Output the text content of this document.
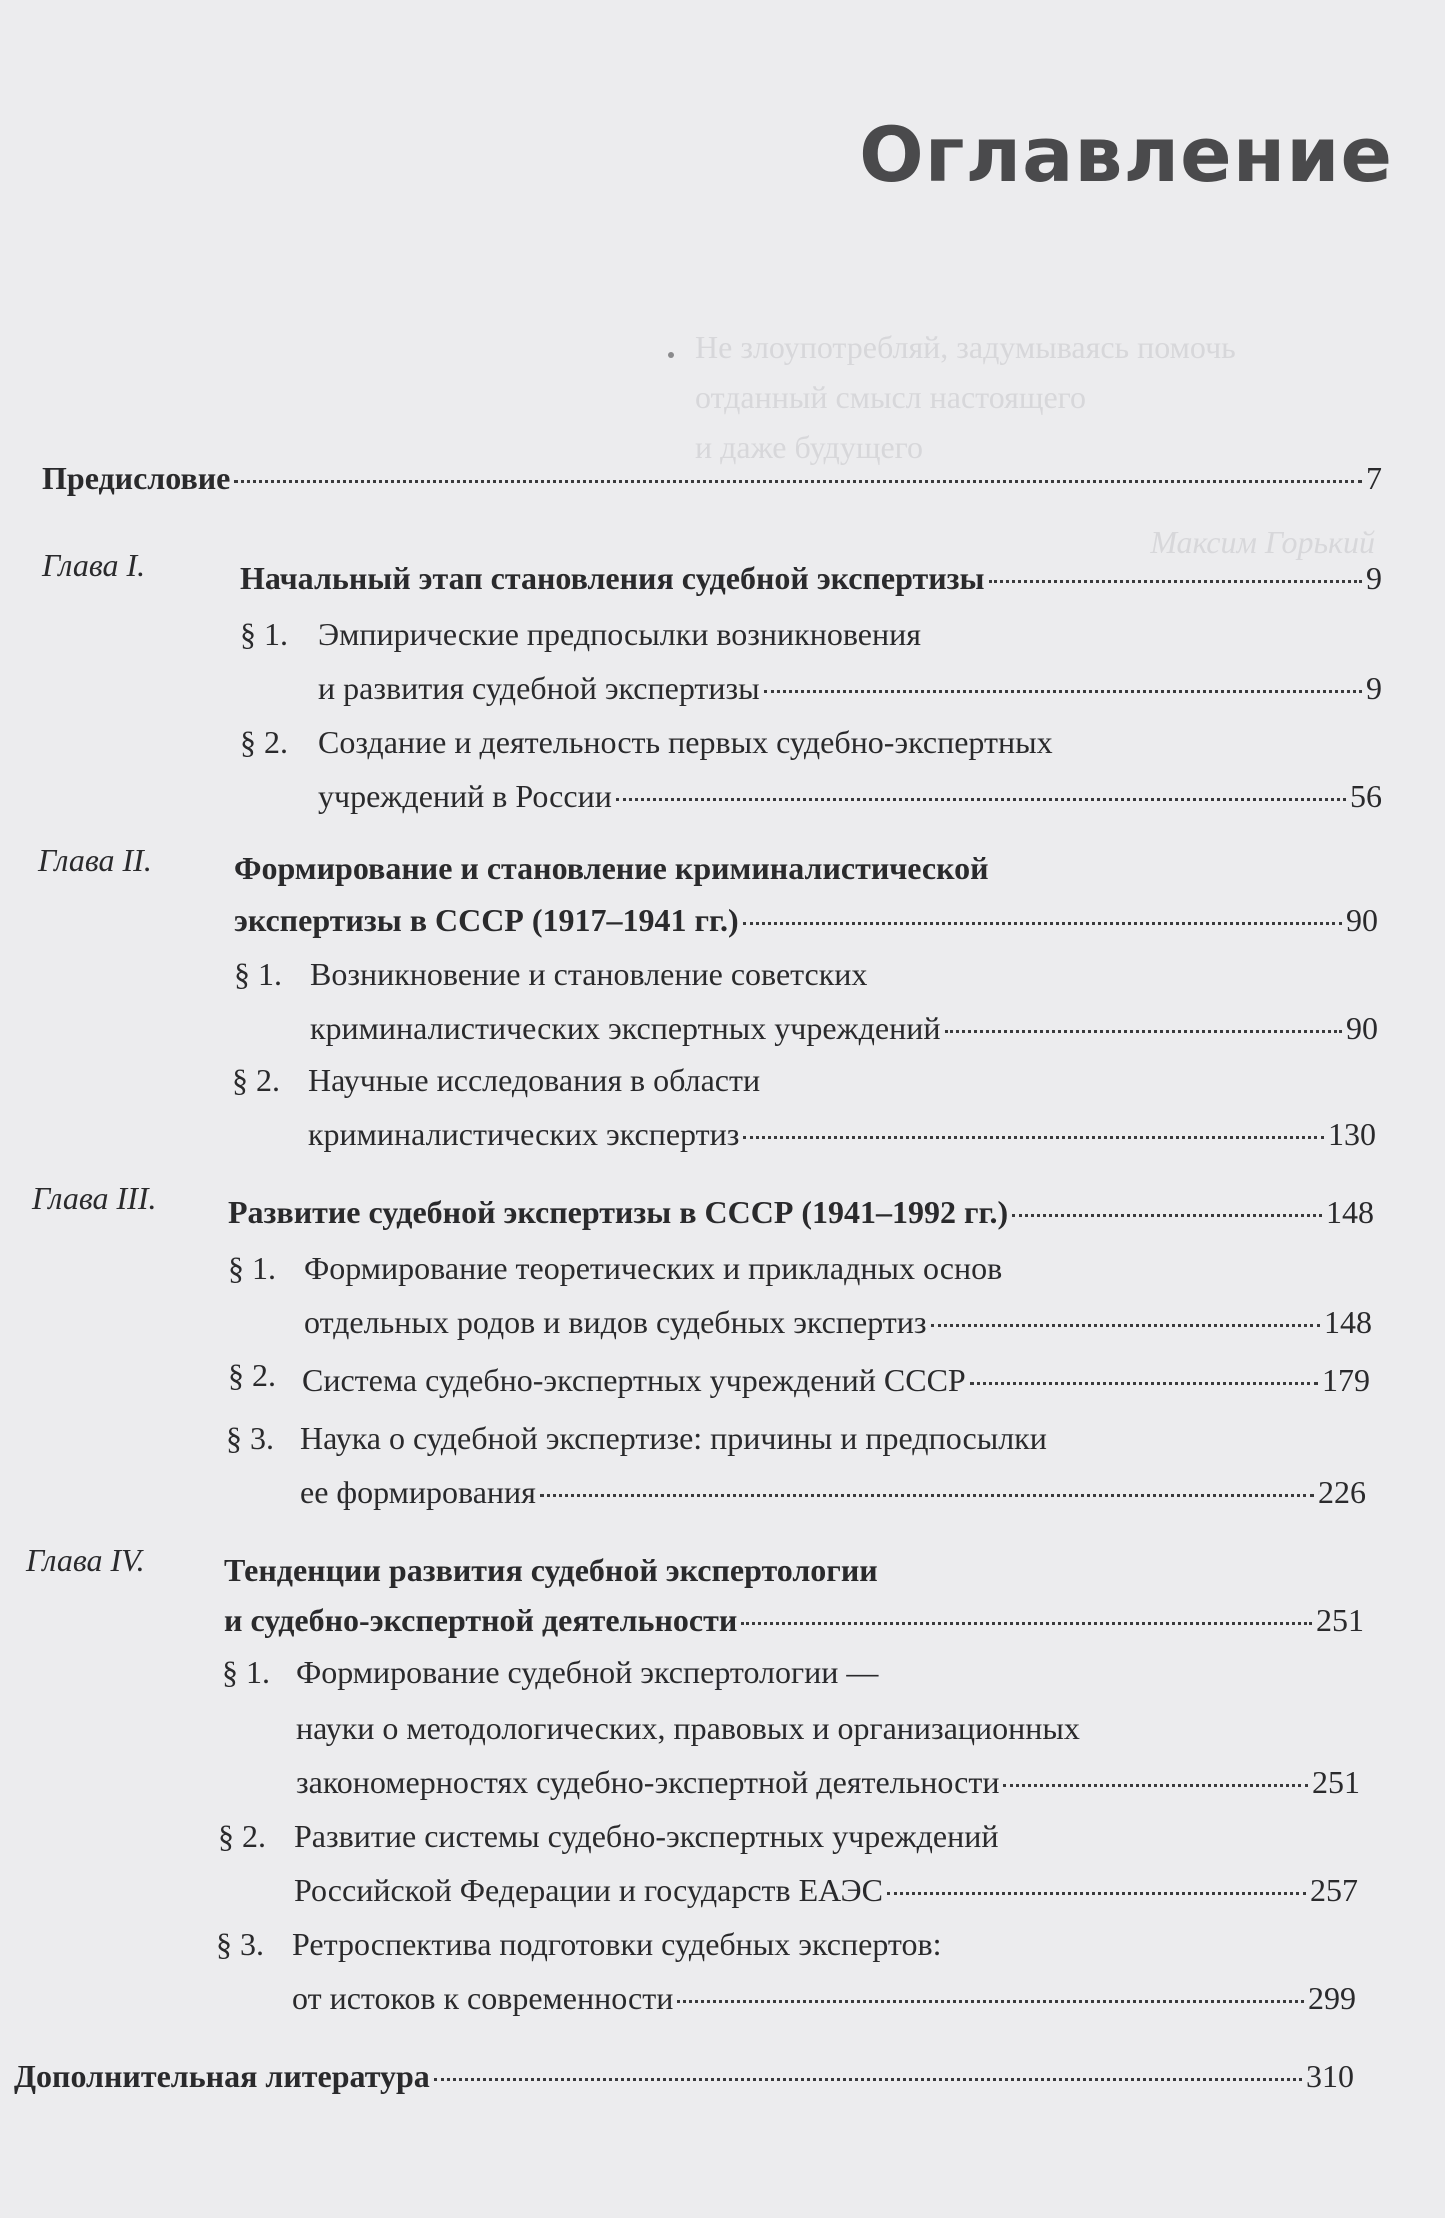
Оглавление
Не злоупотребляй, задумываясь помочь
отданный смысл настоящего
и даже будущего
Максим Горький
Предисловие	7
Глава I.	Начальный этап становления судебной экспертизы	9
§ 1. Эмпирические предпосылки возникновения
и развития судебной экспертизы	9
§ 2. Создание и деятельность первых судебно-экспертных
учреждений в России	56
Глава II.	Формирование и становление криминалистической
экспертизы в СССР (1917–1941 гг.)	90
§ 1. Возникновение и становление советских
криминалистических экспертных учреждений	90
§ 2. Научные исследования в области
криминалистических экспертиз	130
Глава III. Развитие судебной экспертизы в СССР (1941–1992 гг.)	148
§ 1. Формирование теоретических и прикладных основ
отдельных родов и видов судебных экспертиз	148
§ 2. Система судебно-экспертных учреждений СССР	179
§ 3. Наука о судебной экспертизе: причины и предпосылки
ее формирования	226
Глава IV. Тенденции развития судебной экспертологии
и судебно-экспертной деятельности	251
§ 1. Формирование судебной экспертологии —
науки о методологических, правовых и организационных
закономерностях судебно-экспертной деятельности	251
§ 2. Развитие системы судебно-экспертных учреждений
Российской Федерации и государств ЕАЭС	257
§ 3. Ретроспектива подготовки судебных экспертов:
от истоков к современности	299
Дополнительная литература	310
